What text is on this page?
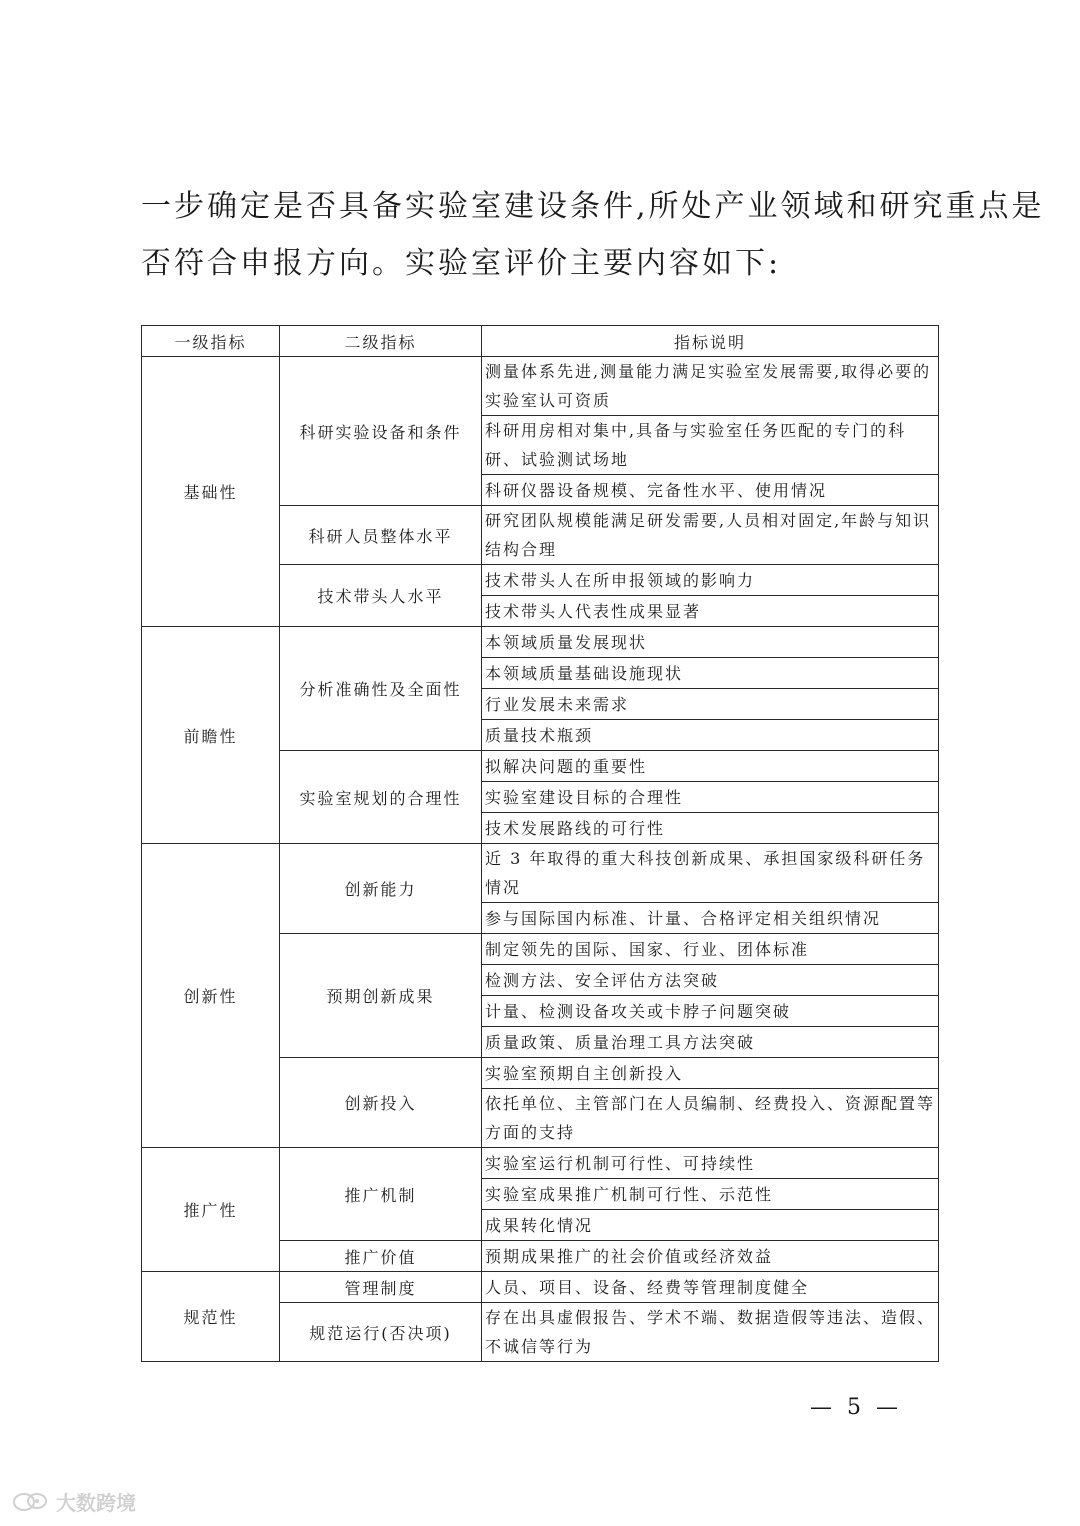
一步确定是否具备实验室建设条件,所处产业领域和研究重点是

否符合申报方向。实验室评价主要内容如下:

一级指标	二级指标	指标说明
基础性	科研实验设备和条件	测量体系先进,测量能力满足实验室发展需要,取得必要的实验室认可资质
		科研用房相对集中,具备与实验室任务匹配的专门的科研、试验测试场地
		科研仪器设备规模、完备性水平、使用情况
	科研人员整体水平	研究团队规模能满足研发需要,人员相对固定,年龄与知识结构合理
	技术带头人水平	技术带头人在所申报领域的影响力
		技术带头人代表性成果显著
前瞻性	分析准确性及全面性	本领域质量发展现状
		本领域质量基础设施现状
		行业发展未来需求
		质量技术瓶颈
	实验室规划的合理性	拟解决问题的重要性
		实验室建设目标的合理性
		技术发展路线的可行性
创新性	创新能力	近 3 年取得的重大科技创新成果、承担国家级科研任务情况
		参与国际国内标准、计量、合格评定相关组织情况
	预期创新成果	制定领先的国际、国家、行业、团体标准
		检测方法、安全评估方法突破
		计量、检测设备攻关或卡脖子问题突破
		质量政策、质量治理工具方法突破
	创新投入	实验室预期自主创新投入
		依托单位、主管部门在人员编制、经费投入、资源配置等方面的支持
推广性	推广机制	实验室运行机制可行性、可持续性
		实验室成果推广机制可行性、示范性
		成果转化情况
	推广价值	预期成果推广的社会价值或经济效益
规范性	管理制度	人员、项目、设备、经费等管理制度健全
	规范运行(否决项)	存在出具虚假报告、学术不端、数据造假等违法、造假、不诚信等行为
— 5 —
大数跨境
